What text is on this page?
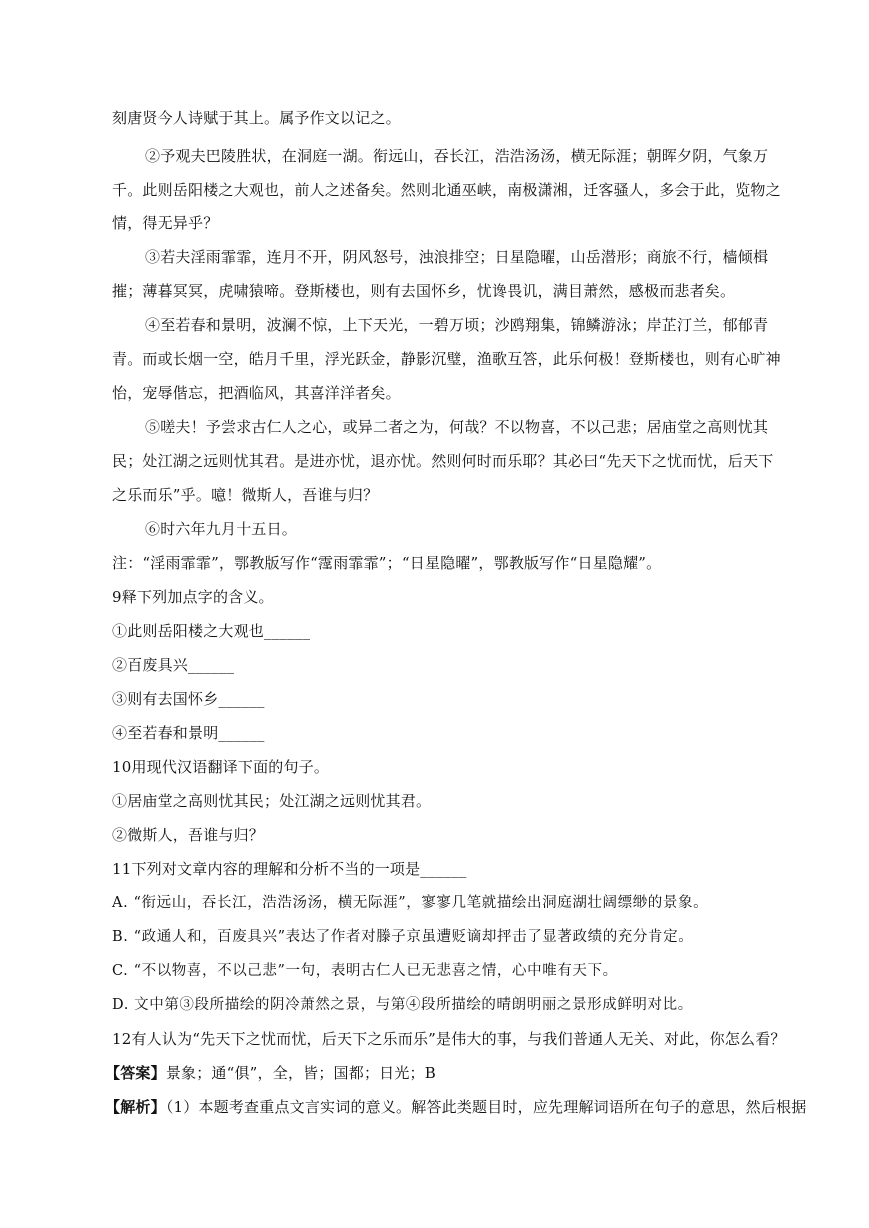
刻唐贤今人诗赋于其上。属予作文以记之。
②予观夫巴陵胜状，在洞庭一湖。衔远山，吞长江，浩浩汤汤，横无际涯；朝晖夕阴，气象万
千。此则岳阳楼之大观也，前人之述备矣。然则北通巫峡，南极潇湘，迁客骚人，多会于此，览物之
情，得无异乎？
③若夫淫雨霏霏，连月不开，阴风怒号，浊浪排空；日星隐曜，山岳潜形；商旅不行，樯倾楫
摧；薄暮冥冥，虎啸猿啼。登斯楼也，则有去国怀乡，忧谗畏讥，满目萧然，感极而悲者矣。
④至若春和景明，波澜不惊，上下天光，一碧万顷；沙鸥翔集，锦鳞游泳；岸芷汀兰，郁郁青
青。而或长烟一空，皓月千里，浮光跃金，静影沉璧，渔歌互答，此乐何极！登斯楼也，则有心旷神
怡，宠辱偕忘，把酒临风，其喜洋洋者矣。
⑤嗟夫！予尝求古仁人之心，或异二者之为，何哉？不以物喜，不以己悲；居庙堂之高则忧其
民；处江湖之远则忧其君。是进亦忧，退亦忧。然则何时而乐耶？其必曰“先天下之忧而忧，后天下
之乐而乐”乎。噫！微斯人，吾谁与归？
⑥时六年九月十五日。
注：“淫雨霏霏”，鄂教版写作“霪雨霏霏”；“日星隐曜”，鄂教版写作“日星隐耀”。
9释下列加点字的含义。
①此则岳阳楼之大观也______
②百废具兴______
③则有去国怀乡______
④至若春和景明______
10用现代汉语翻译下面的句子。
①居庙堂之高则忧其民；处江湖之远则忧其君。
②微斯人，吾谁与归？
11下列对文章内容的理解和分析不当的一项是______
A. “衔远山，吞长江，浩浩汤汤，横无际涯”，寥寥几笔就描绘出洞庭湖壮阔缥缈的景象。
B. “政通人和，百废具兴”表达了作者对滕子京虽遭贬谪却抨击了显著政绩的充分肯定。
C. “不以物喜，不以己悲”一句，表明古仁人已无悲喜之情，心中唯有天下。
D. 文中第③段所描绘的阴冷萧然之景，与第④段所描绘的晴朗明丽之景形成鲜明对比。
12有人认为“先天下之忧而忧，后天下之乐而乐”是伟大的事，与我们普通人无关、对此，你怎么看？
【答案】景象；通“俱”，全，皆；国都；日光；B
【解析】（1）本题考查重点文言实词的意义。解答此类题目时，应先理解词语所在句子的意思，然后根据
